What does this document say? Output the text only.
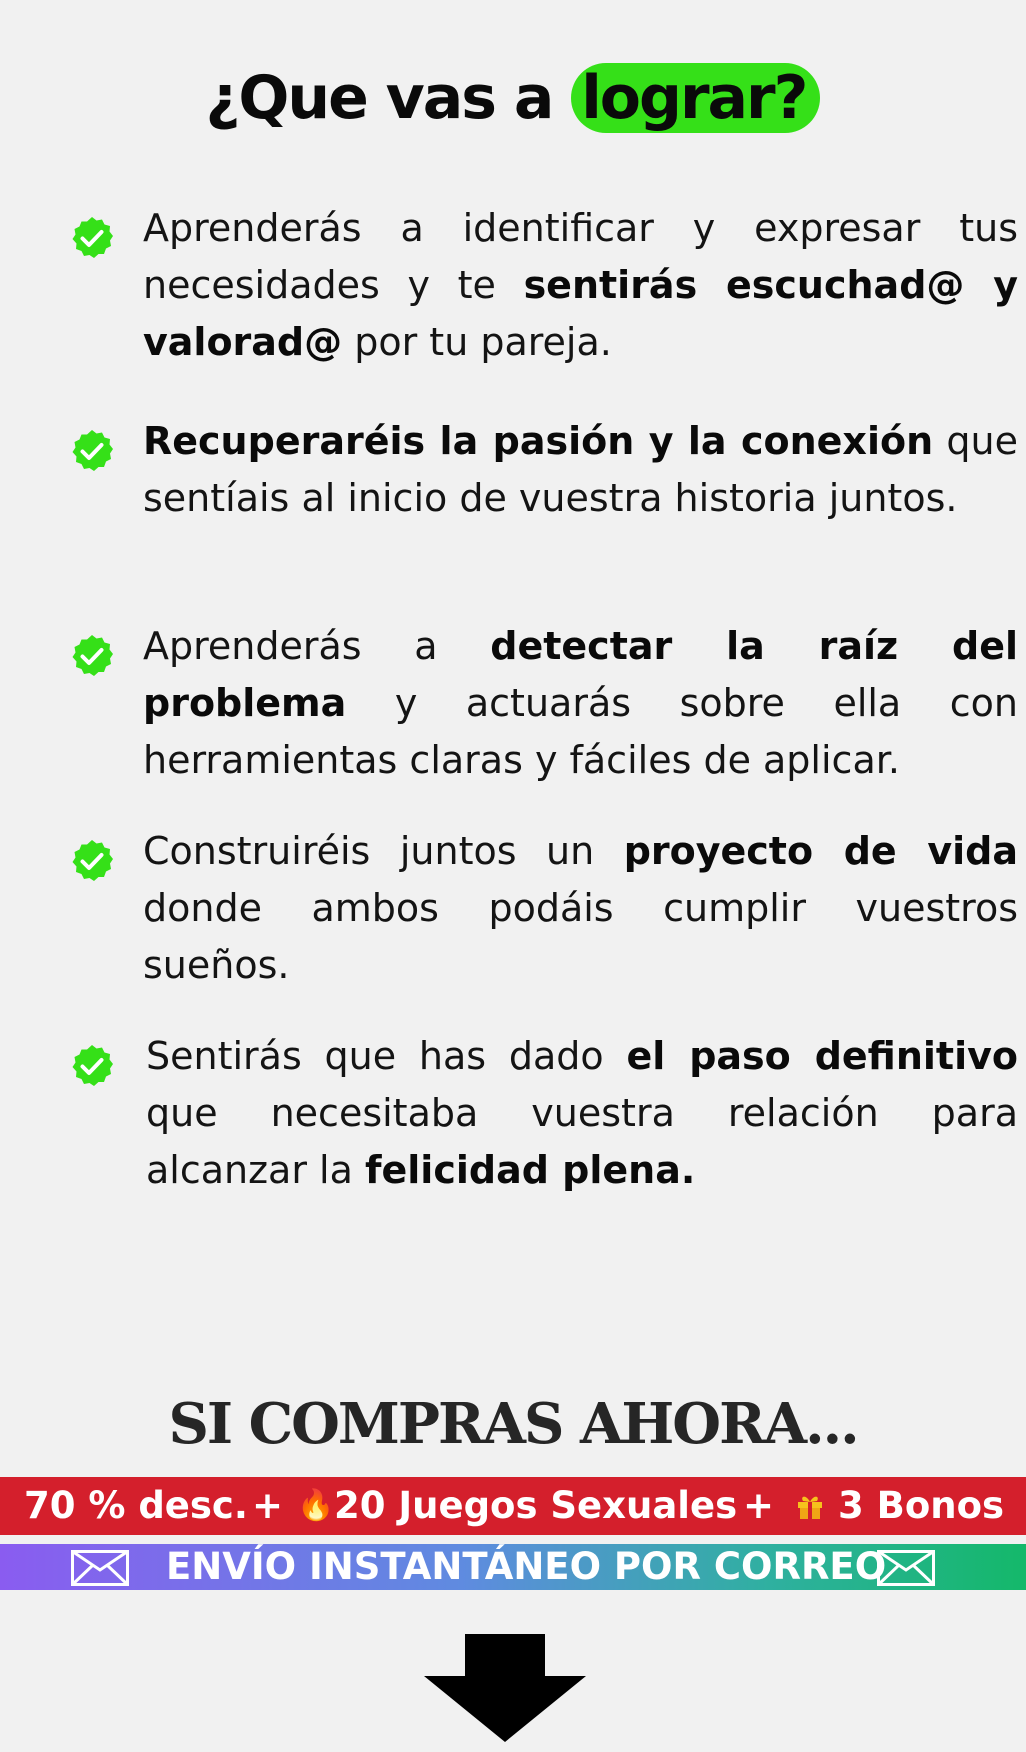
¿Que vas a lograr?
Aprenderás a identificar y expresar tus necesidades y te sentirás escuchad@ y valorad@ por tu pareja.
Recuperaréis la pasión y la conexión que sentíais al inicio de vuestra historia juntos.
Aprenderás a detectar la raíz del problema y actuarás sobre ella con herramientas claras y fáciles de aplicar.
Construiréis juntos un proyecto de vida donde ambos podáis cumplir vuestros sueños.
Sentirás que has dado el paso definitivo que necesitaba vuestra relación para alcanzar la felicidad plena.
SI COMPRAS AHORA...
70 % desc. + 🔥 20 Juegos Sexuales + 3 Bonos
ENVÍO INSTANTÁNEO POR CORREO
